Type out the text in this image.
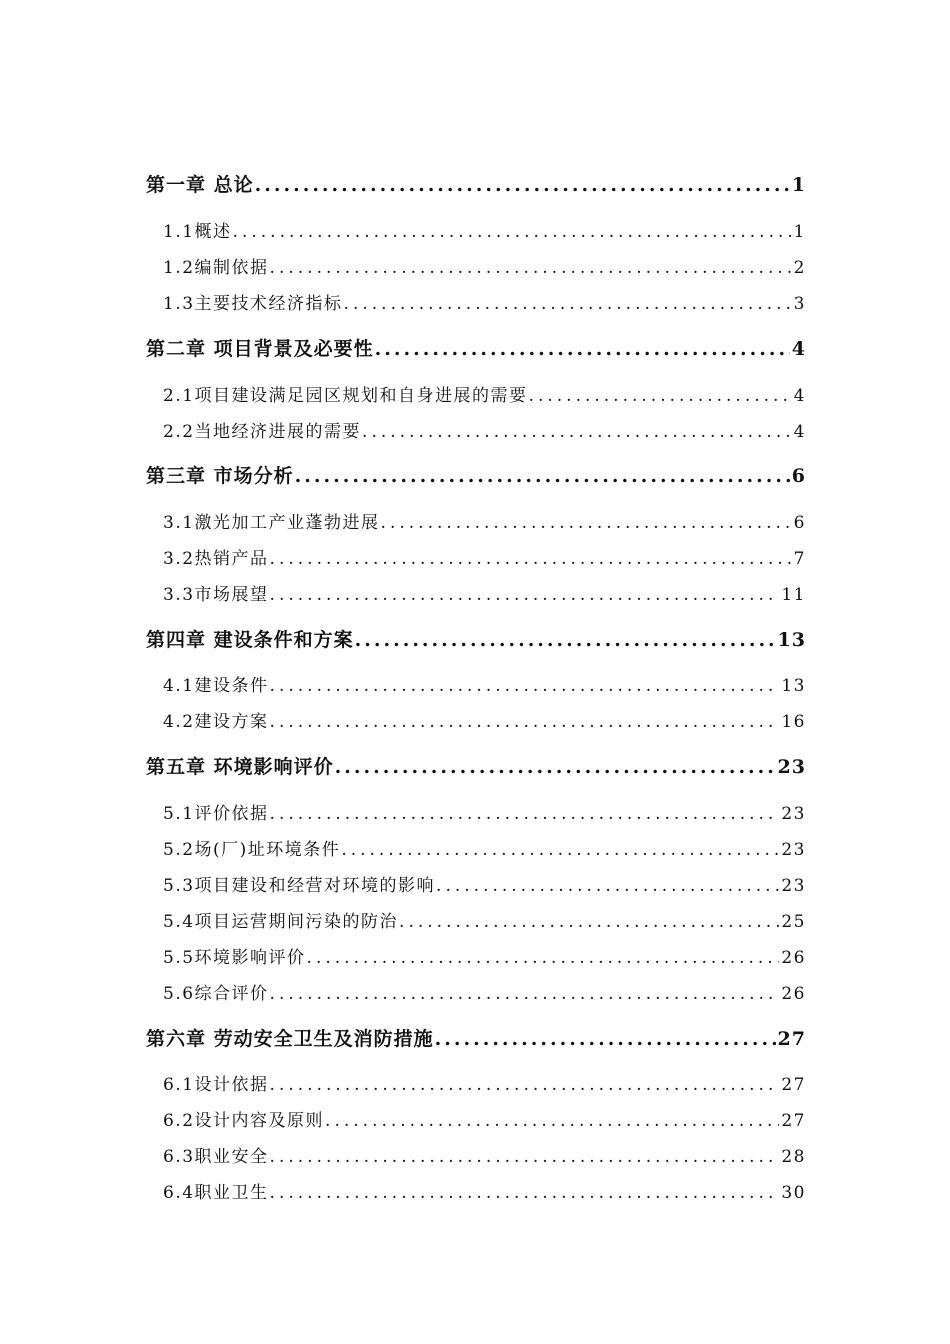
第一章 总论 .....	1
1.1概述 .....	1
1.2编制依据 .....	2
1.3主要技术经济指标 .....	3
第二章 项目背景及必要性 .....	4
2.1项目建设满足园区规划和自身进展的需要 .....	4
2.2当地经济进展的需要 .....	4
第三章 市场分析 .....	6
3.1激光加工产业蓬勃进展 .....	6
3.2热销产品 .....	7
3.3市场展望 .....	11
第四章 建设条件和方案 .....	13
4.1建设条件 .....	13
4.2建设方案 .....	16
第五章 环境影响评价 .....	23
5.1评价依据 .....	23
5.2场(厂)址环境条件 .....	23
5.3项目建设和经营对环境的影响 .....	23
5.4项目运营期间污染的防治 .....	25
5.5环境影响评价 .....	26
5.6综合评价 .....	26
第六章 劳动安全卫生及消防措施 .....	27
6.1设计依据 .....	27
6.2设计内容及原则 .....	27
6.3职业安全 .....	28
6.4职业卫生 .....	30
